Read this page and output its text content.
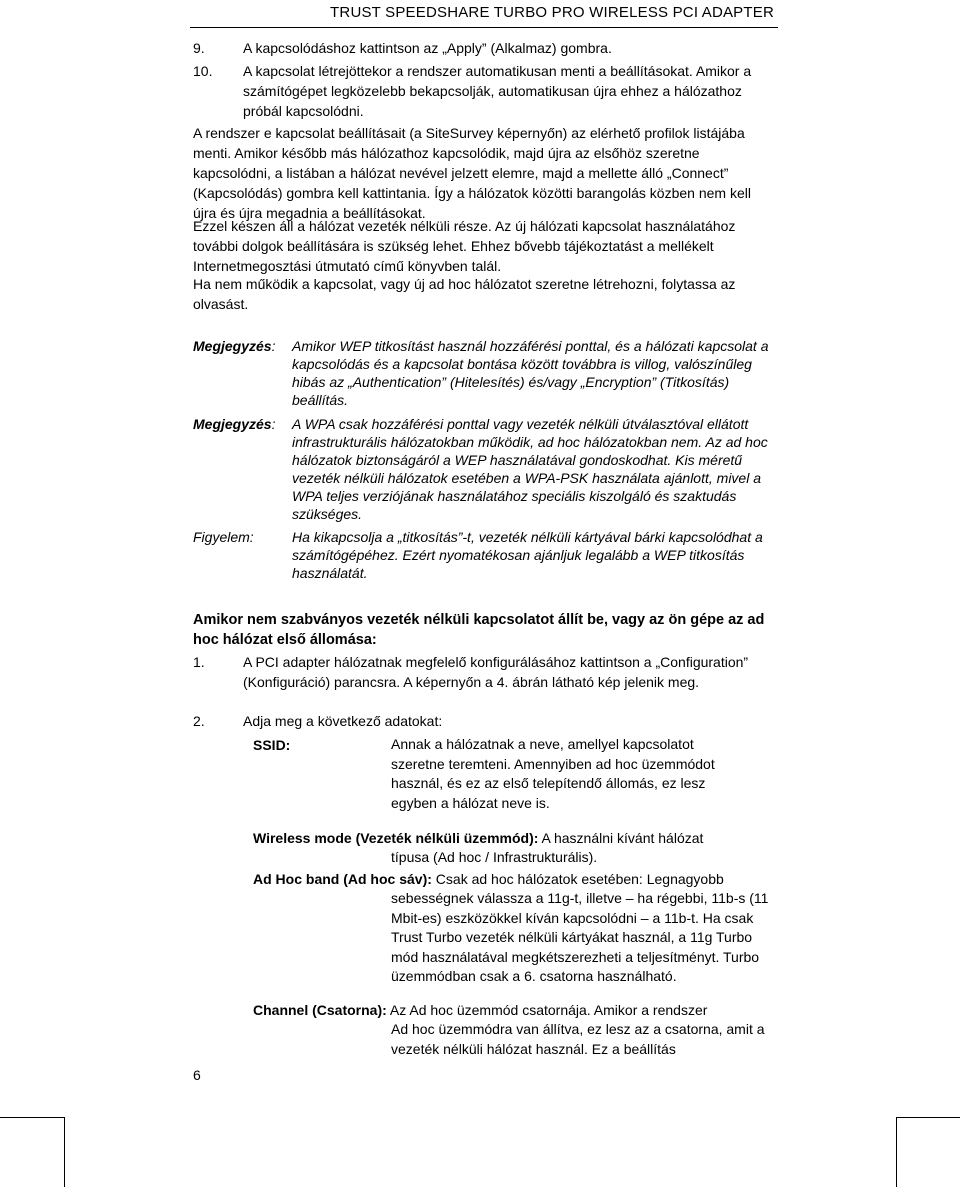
TRUST SPEEDSHARE TURBO PRO WIRELESS PCI ADAPTER
9.	A kapcsolódáshoz kattintson az „Apply” (Alkalmaz) gombra.
10.	A kapcsolat létrejöttekor a rendszer automatikusan menti a beállításokat. Amikor a számítógépet legközelebb bekapcsolják, automatikusan újra ehhez a hálózathoz próbál kapcsolódni.
A rendszer e kapcsolat beállításait (a SiteSurvey képernyőn) az elérhető profilok listájába menti. Amikor később más hálózathoz kapcsolódik, majd újra az elsőhöz szeretne kapcsolódni, a listában a hálózat nevével jelzett elemre, majd a mellette álló „Connect” (Kapcsolódás) gombra kell kattintania. Így a hálózatok közötti barangolás közben nem kell újra és újra megadnia a beállításokat.
Ezzel készen áll a hálózat vezeték nélküli része. Az új hálózati kapcsolat használatához további dolgok beállítására is szükség lehet. Ehhez bővebb tájékoztatást a mellékelt Internetmegosztási útmutató című könyvben talál.
Ha nem működik a kapcsolat, vagy új ad hoc hálózatot szeretne létrehozni, folytassa az olvasást.
Megjegyzés: Amikor WEP titkosítást használ hozzáférési ponttal, és a hálózati kapcsolat a kapcsolódás és a kapcsolat bontása között továbbra is villog, valószínűleg hibás az „Authentication” (Hitelesítés) és/vagy „Encryption” (Titkosítás) beállítás.
Megjegyzés: A WPA csak hozzáférési ponttal vagy vezeték nélküli útválasztóval ellátott infrastrukturális hálózatokban működik, ad hoc hálózatokban nem. Az ad hoc hálózatok biztonságáról a WEP használatával gondoskodhat. Kis méretű vezeték nélküli hálózatok esetében a WPA-PSK használata ajánlott, mivel a WPA teljes verziójának használatához speciális kiszolgáló és szaktudás szükséges.
Figyelem:	Ha kikapcsolja a „titkosítás”-t, vezeték nélküli kártyával bárki kapcsolódhat a számítógépéhez. Ezért nyomatékosan ajánljuk legalább a WEP titkosítás használatát.
Amikor nem szabványos vezeték nélküli kapcsolatot állít be, vagy az ön gépe az ad hoc hálózat első állomása:
1.	A PCI adapter hálózatnak megfelelő konfigurálásához kattintson a „Configuration” (Konfiguráció) parancsra. A képernyőn a 4. ábrán látható kép jelenik meg.
2.	Adja meg a következő adatokat:
SSID:	Annak a hálózatnak a neve, amellyel kapcsolatot szeretne teremteni. Amennyiben ad hoc üzemmódot használ, és ez az első telepítendő állomás, ez lesz egyben a hálózat neve is.
Wireless mode (Vezeték nélküli üzemmód): A használni kívánt hálózat
típusa (Ad hoc / Infrastrukturális).
Ad Hoc band (Ad hoc sáv): Csak ad hoc hálózatok esetében: Legnagyobb
sebességnek válassza a 11g-t, illetve – ha régebbi, 11b-s (11 Mbit-es) eszközökkel kíván kapcsolódni – a 11b-t. Ha csak Trust Turbo vezeték nélküli kártyákat használ, a 11g Turbo mód használatával megkétszerezheti a teljesítményt. Turbo üzemmódban csak a 6. csatorna használható.
Channel (Csatorna): Az Ad hoc üzemmód csatornája. Amikor a rendszer
Ad hoc üzemmódra van állítva, ez lesz az a csatorna, amit a vezeték nélküli hálózat használ. Ez a beállítás
6
